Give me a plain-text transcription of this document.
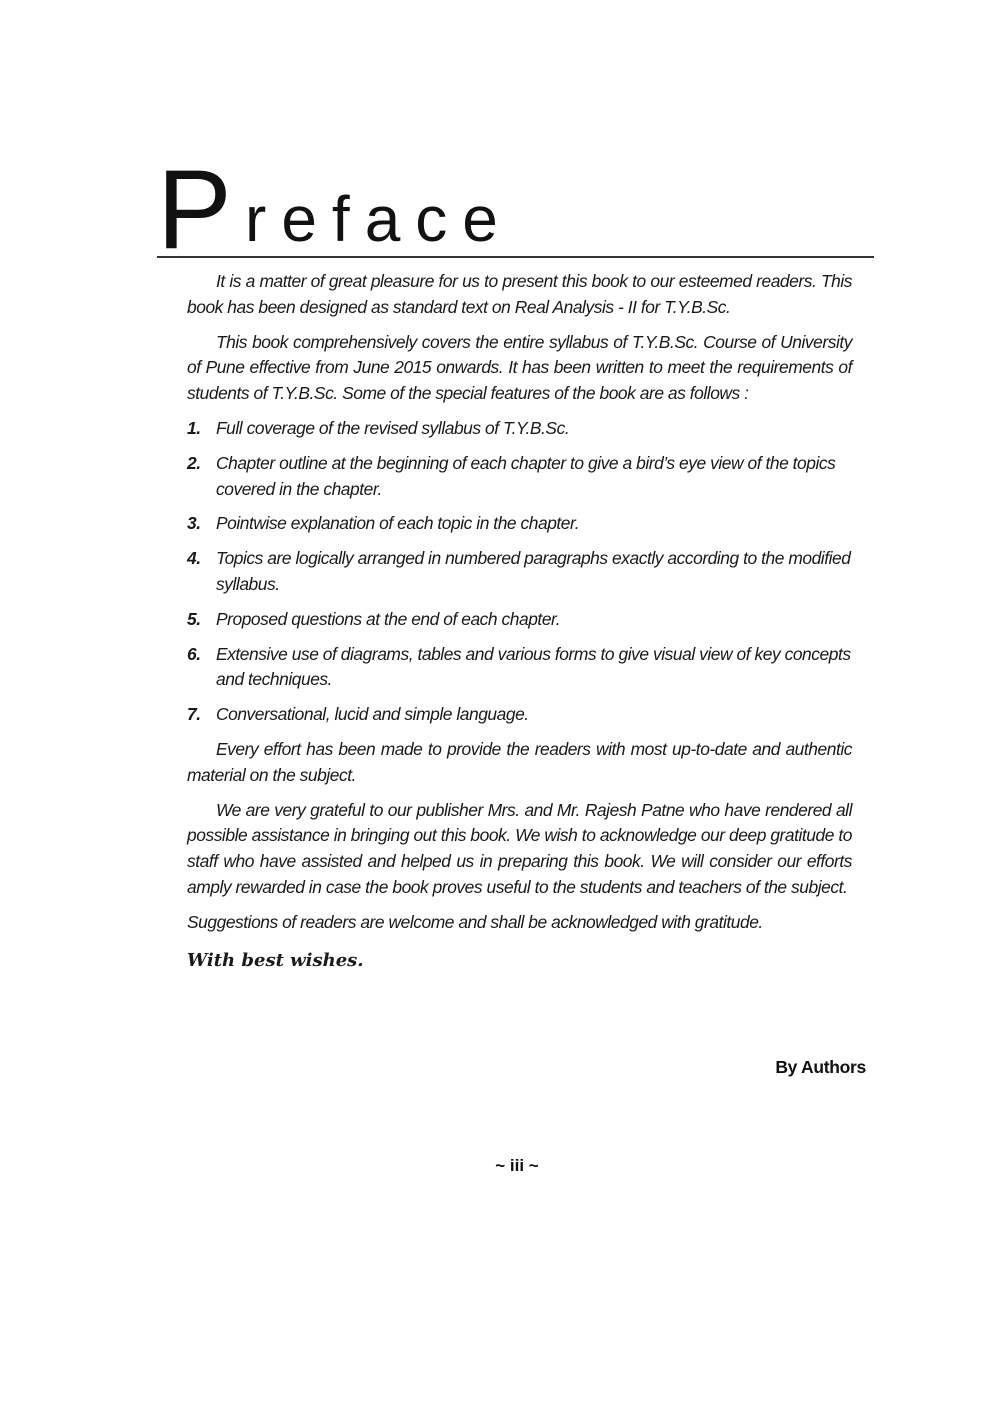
P reface

It is a matter of great pleasure for us to present this book to our esteemed readers. This book has been designed as standard text on Real Analysis - II for T.Y.B.Sc.

This book comprehensively covers the entire syllabus of T.Y.B.Sc. Course of University of Pune effective from June 2015 onwards. It has been written to meet the requirements of students of T.Y.B.Sc. Some of the special features of the book are as follows :

1. Full coverage of the revised syllabus of T.Y.B.Sc.
2. Chapter outline at the beginning of each chapter to give a bird’s eye view of the topics covered in the chapter.
3. Pointwise explanation of each topic in the chapter.
4. Topics are logically arranged in numbered paragraphs exactly according to the modified syllabus.
5. Proposed questions at the end of each chapter.
6. Extensive use of diagrams, tables and various forms to give visual view of key concepts and techniques.
7. Conversational, lucid and simple language.

Every effort has been made to provide the readers with most up-to-date and authentic material on the subject.

We are very grateful to our publisher Mrs. and Mr. Rajesh Patne who have rendered all possible assistance in bringing out this book. We wish to acknowledge our deep gratitude to staff who have assisted and helped us in preparing this book. We will consider our efforts amply rewarded in case the book proves useful to the students and teachers of the subject.

Suggestions of readers are welcome and shall be acknowledged with gratitude.

With best wishes.

By Authors
~ iii ~
